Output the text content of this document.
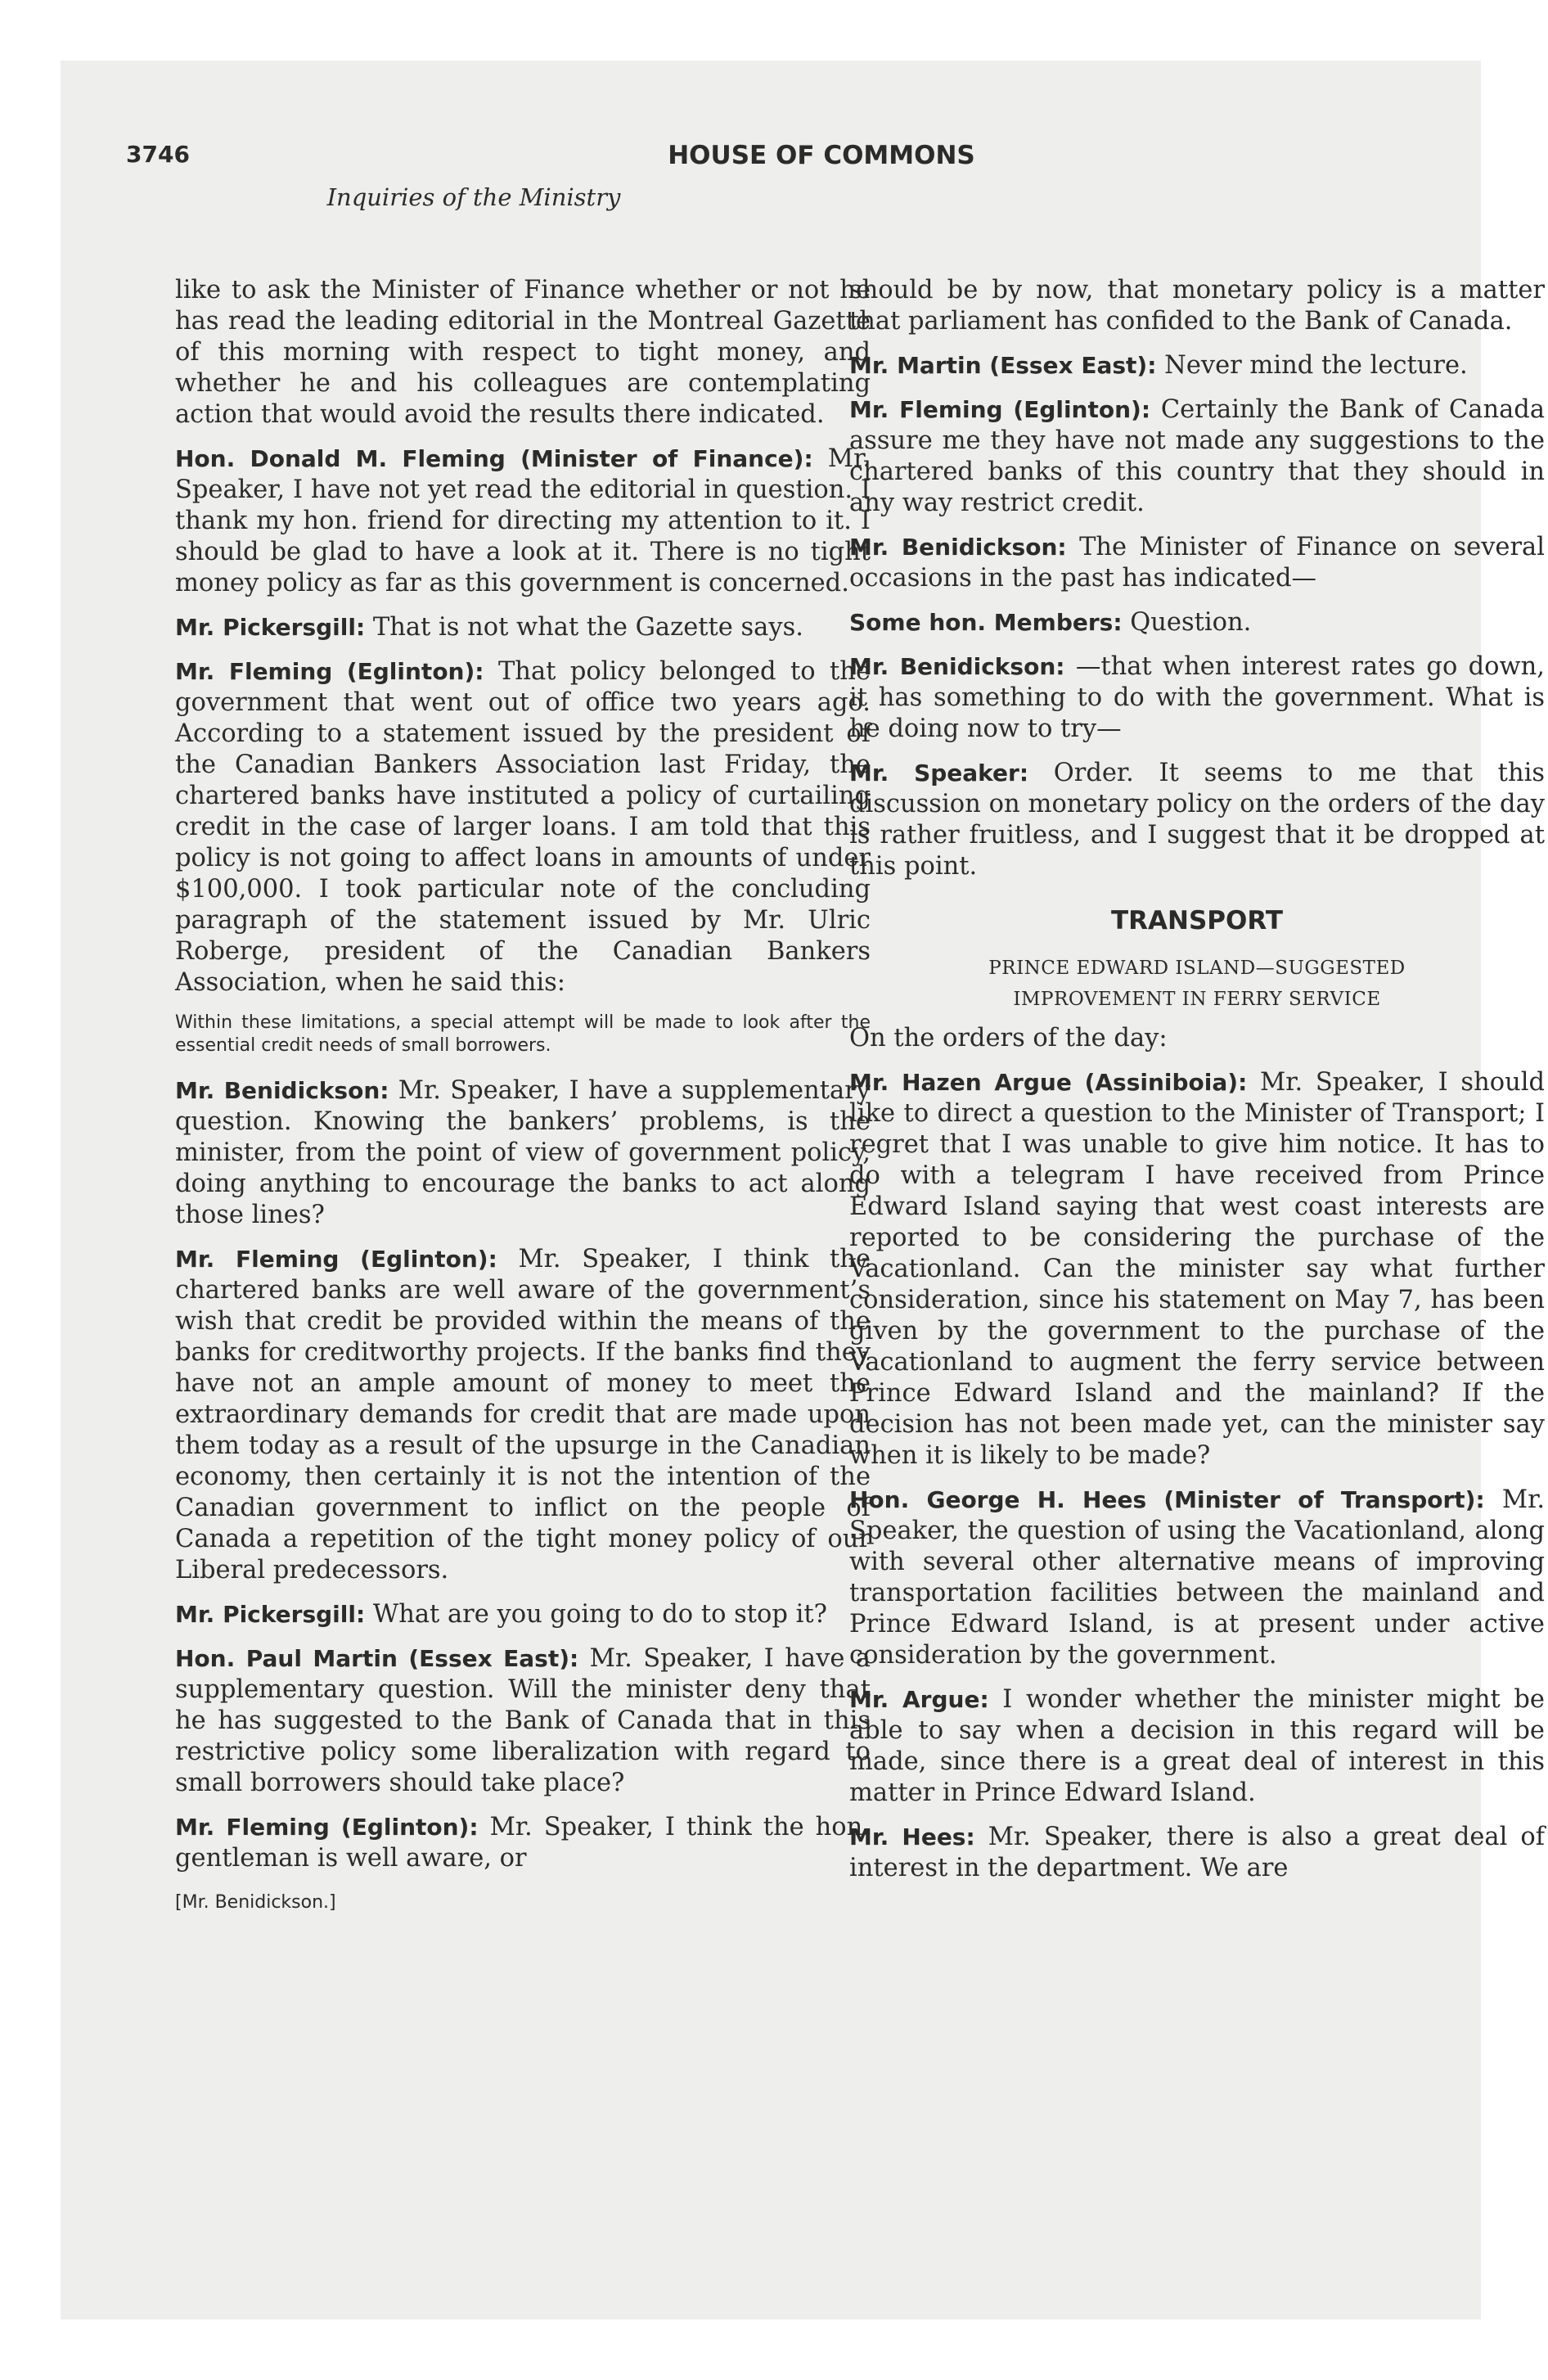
3746	HOUSE OF COMMONS
Inquiries of the Ministry

like to ask the Minister of Finance whether or not he has read the leading editorial in the Montreal Gazette of this morning with respect to tight money, and whether he and his colleagues are contemplating action that would avoid the results there indicated.

Hon. Donald M. Fleming (Minister of Finance): Mr. Speaker, I have not yet read the editorial in question. I thank my hon. friend for directing my attention to it. I should be glad to have a look at it. There is no tight money policy as far as this government is concerned.

Mr. Pickersgill: That is not what the Gazette says.

Mr. Fleming (Eglinton): That policy belonged to the government that went out of office two years ago. According to a statement issued by the president of the Canadian Bankers Association last Friday, the chartered banks have instituted a policy of curtailing credit in the case of larger loans. I am told that this policy is not going to affect loans in amounts of under $100,000. I took particular note of the concluding paragraph of the statement issued by Mr. Ulric Roberge, president of the Canadian Bankers Association, when he said this:

Within these limitations, a special attempt will be made to look after the essential credit needs of small borrowers.

Mr. Benidickson: Mr. Speaker, I have a supplementary question. Knowing the bankers’ problems, is the minister, from the point of view of government policy, doing anything to encourage the banks to act along those lines?

Mr. Fleming (Eglinton): Mr. Speaker, I think the chartered banks are well aware of the government’s wish that credit be provided within the means of the banks for creditworthy projects. If the banks find they have not an ample amount of money to meet the extraordinary demands for credit that are made upon them today as a result of the upsurge in the Canadian economy, then certainly it is not the intention of the Canadian government to inflict on the people of Canada a repetition of the tight money policy of our Liberal predecessors.

Mr. Pickersgill: What are you going to do to stop it?

Hon. Paul Martin (Essex East): Mr. Speaker, I have a supplementary question. Will the minister deny that he has suggested to the Bank of Canada that in this restrictive policy some liberalization with regard to small borrowers should take place?

Mr. Fleming (Eglinton): Mr. Speaker, I think the hon. gentleman is well aware, or

[Mr. Benidickson.]

should be by now, that monetary policy is a matter that parliament has confided to the Bank of Canada.

Mr. Martin (Essex East): Never mind the lecture.

Mr. Fleming (Eglinton): Certainly the Bank of Canada assure me they have not made any suggestions to the chartered banks of this country that they should in any way restrict credit.

Mr. Benidickson: The Minister of Finance on several occasions in the past has indicated—

Some hon. Members: Question.

Mr. Benidickson: —that when interest rates go down, it has something to do with the government. What is he doing now to try—

Mr. Speaker: Order. It seems to me that this discussion on monetary policy on the orders of the day is rather fruitless, and I suggest that it be dropped at this point.

TRANSPORT

PRINCE EDWARD ISLAND—SUGGESTED
IMPROVEMENT IN FERRY SERVICE

On the orders of the day:

Mr. Hazen Argue (Assiniboia): Mr. Speaker, I should like to direct a question to the Minister of Transport; I regret that I was unable to give him notice. It has to do with a telegram I have received from Prince Edward Island saying that west coast interests are reported to be considering the purchase of the Vacationland. Can the minister say what further consideration, since his statement on May 7, has been given by the government to the purchase of the Vacationland to augment the ferry service between Prince Edward Island and the mainland? If the decision has not been made yet, can the minister say when it is likely to be made?

Hon. George H. Hees (Minister of Transport): Mr. Speaker, the question of using the Vacationland, along with several other alternative means of improving transportation facilities between the mainland and Prince Edward Island, is at present under active consideration by the government.

Mr. Argue: I wonder whether the minister might be able to say when a decision in this regard will be made, since there is a great deal of interest in this matter in Prince Edward Island.

Mr. Hees: Mr. Speaker, there is also a great deal of interest in the department. We are
